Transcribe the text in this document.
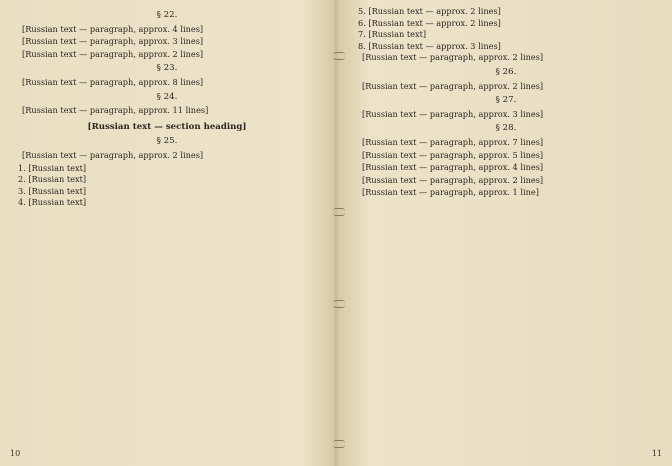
§ 22.

[Russian text — paragraph, approx. 4 lines]

[Russian text — paragraph, approx. 3 lines]

[Russian text — paragraph, approx. 2 lines]

§ 23.

[Russian text — paragraph, approx. 8 lines]

§ 24.

[Russian text — paragraph, approx. 11 lines]

[Russian text — section heading]
§ 25.

[Russian text — paragraph, approx. 2 lines]

1. [Russian text]
2. [Russian text]
3. [Russian text]
4. [Russian text]
10
5. [Russian text — approx. 2 lines]
6. [Russian text — approx. 2 lines]
7. [Russian text]
8. [Russian text — approx. 3 lines]

[Russian text — paragraph, approx. 2 lines]

§ 26.

[Russian text — paragraph, approx. 2 lines]

§ 27.

[Russian text — paragraph, approx. 3 lines]

§ 28.

[Russian text — paragraph, approx. 7 lines]

[Russian text — paragraph, approx. 5 lines]

[Russian text — paragraph, approx. 4 lines]

[Russian text — paragraph, approx. 2 lines]

[Russian text — paragraph, approx. 1 line]

11
